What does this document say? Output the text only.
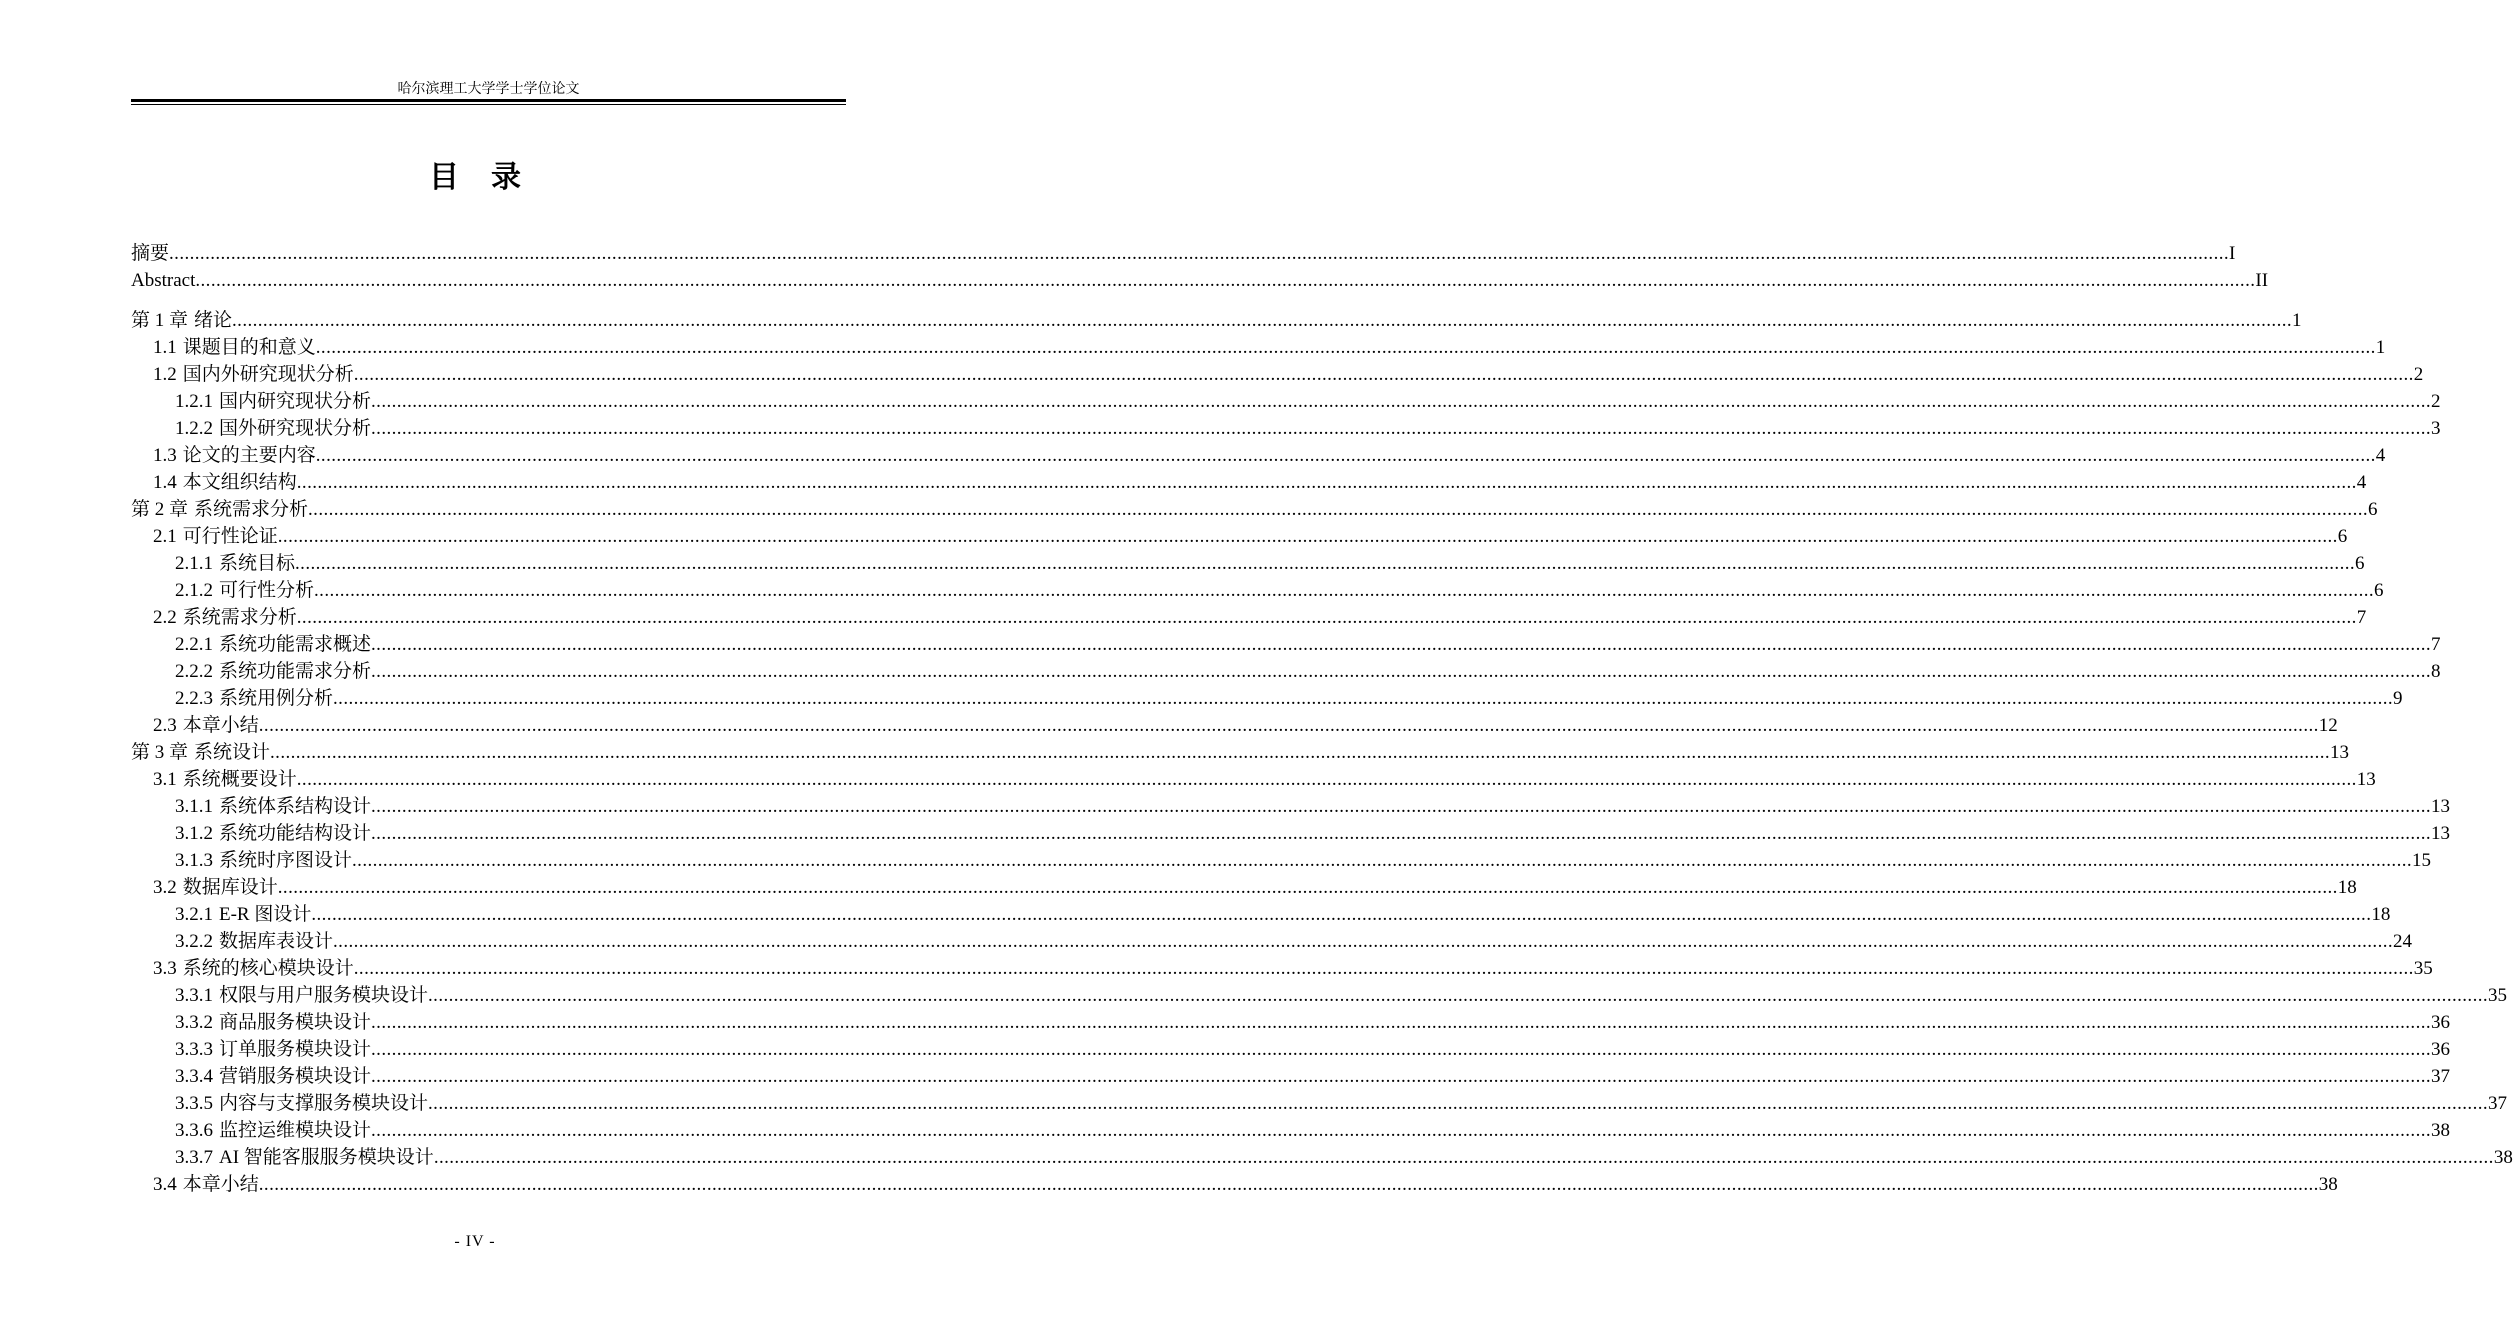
哈尔滨理工大学学士学位论文
目录
摘要 ................................................................................................................................................................................................................................................................................................................................................................................................................ I
Abstract ................................................................................................................................................................................................................................................................................................................................................................................................................ II
第 1 章 绪论 ................................................................................................................................................................................................................................................................................................................................................................................................................ 1
1.1 课题目的和意义 ................................................................................................................................................................................................................................................................................................................................................................................................................ 1
1.2 国内外研究现状分析 ................................................................................................................................................................................................................................................................................................................................................................................................................ 2
1.2.1 国内研究现状分析 ................................................................................................................................................................................................................................................................................................................................................................................................................ 2
1.2.2 国外研究现状分析 ................................................................................................................................................................................................................................................................................................................................................................................................................ 3
1.3 论文的主要内容 ................................................................................................................................................................................................................................................................................................................................................................................................................ 4
1.4 本文组织结构 ................................................................................................................................................................................................................................................................................................................................................................................................................ 4
第 2 章 系统需求分析 ................................................................................................................................................................................................................................................................................................................................................................................................................ 6
2.1 可行性论证 ................................................................................................................................................................................................................................................................................................................................................................................................................ 6
2.1.1 系统目标 ................................................................................................................................................................................................................................................................................................................................................................................................................ 6
2.1.2 可行性分析 ................................................................................................................................................................................................................................................................................................................................................................................................................ 6
2.2 系统需求分析 ................................................................................................................................................................................................................................................................................................................................................................................................................ 7
2.2.1 系统功能需求概述 ................................................................................................................................................................................................................................................................................................................................................................................................................ 7
2.2.2 系统功能需求分析 ................................................................................................................................................................................................................................................................................................................................................................................................................ 8
2.2.3 系统用例分析 ................................................................................................................................................................................................................................................................................................................................................................................................................ 9
2.3 本章小结 ................................................................................................................................................................................................................................................................................................................................................................................................................ 12
第 3 章 系统设计 ................................................................................................................................................................................................................................................................................................................................................................................................................ 13
3.1 系统概要设计 ................................................................................................................................................................................................................................................................................................................................................................................................................ 13
3.1.1 系统体系结构设计 ................................................................................................................................................................................................................................................................................................................................................................................................................ 13
3.1.2 系统功能结构设计 ................................................................................................................................................................................................................................................................................................................................................................................................................ 13
3.1.3 系统时序图设计 ................................................................................................................................................................................................................................................................................................................................................................................................................ 15
3.2 数据库设计 ................................................................................................................................................................................................................................................................................................................................................................................................................ 18
3.2.1 E-R 图设计 ................................................................................................................................................................................................................................................................................................................................................................................................................ 18
3.2.2 数据库表设计 ................................................................................................................................................................................................................................................................................................................................................................................................................ 24
3.3 系统的核心模块设计 ................................................................................................................................................................................................................................................................................................................................................................................................................ 35
3.3.1 权限与用户服务模块设计 ................................................................................................................................................................................................................................................................................................................................................................................................................ 35
3.3.2 商品服务模块设计 ................................................................................................................................................................................................................................................................................................................................................................................................................ 36
3.3.3 订单服务模块设计 ................................................................................................................................................................................................................................................................................................................................................................................................................ 36
3.3.4 营销服务模块设计 ................................................................................................................................................................................................................................................................................................................................................................................................................ 37
3.3.5 内容与支撑服务模块设计 ................................................................................................................................................................................................................................................................................................................................................................................................................ 37
3.3.6 监控运维模块设计 ................................................................................................................................................................................................................................................................................................................................................................................................................ 38
3.3.7 AI 智能客服服务模块设计 ................................................................................................................................................................................................................................................................................................................................................................................................................ 38
3.4 本章小结 ................................................................................................................................................................................................................................................................................................................................................................................................................ 38
- IV -
